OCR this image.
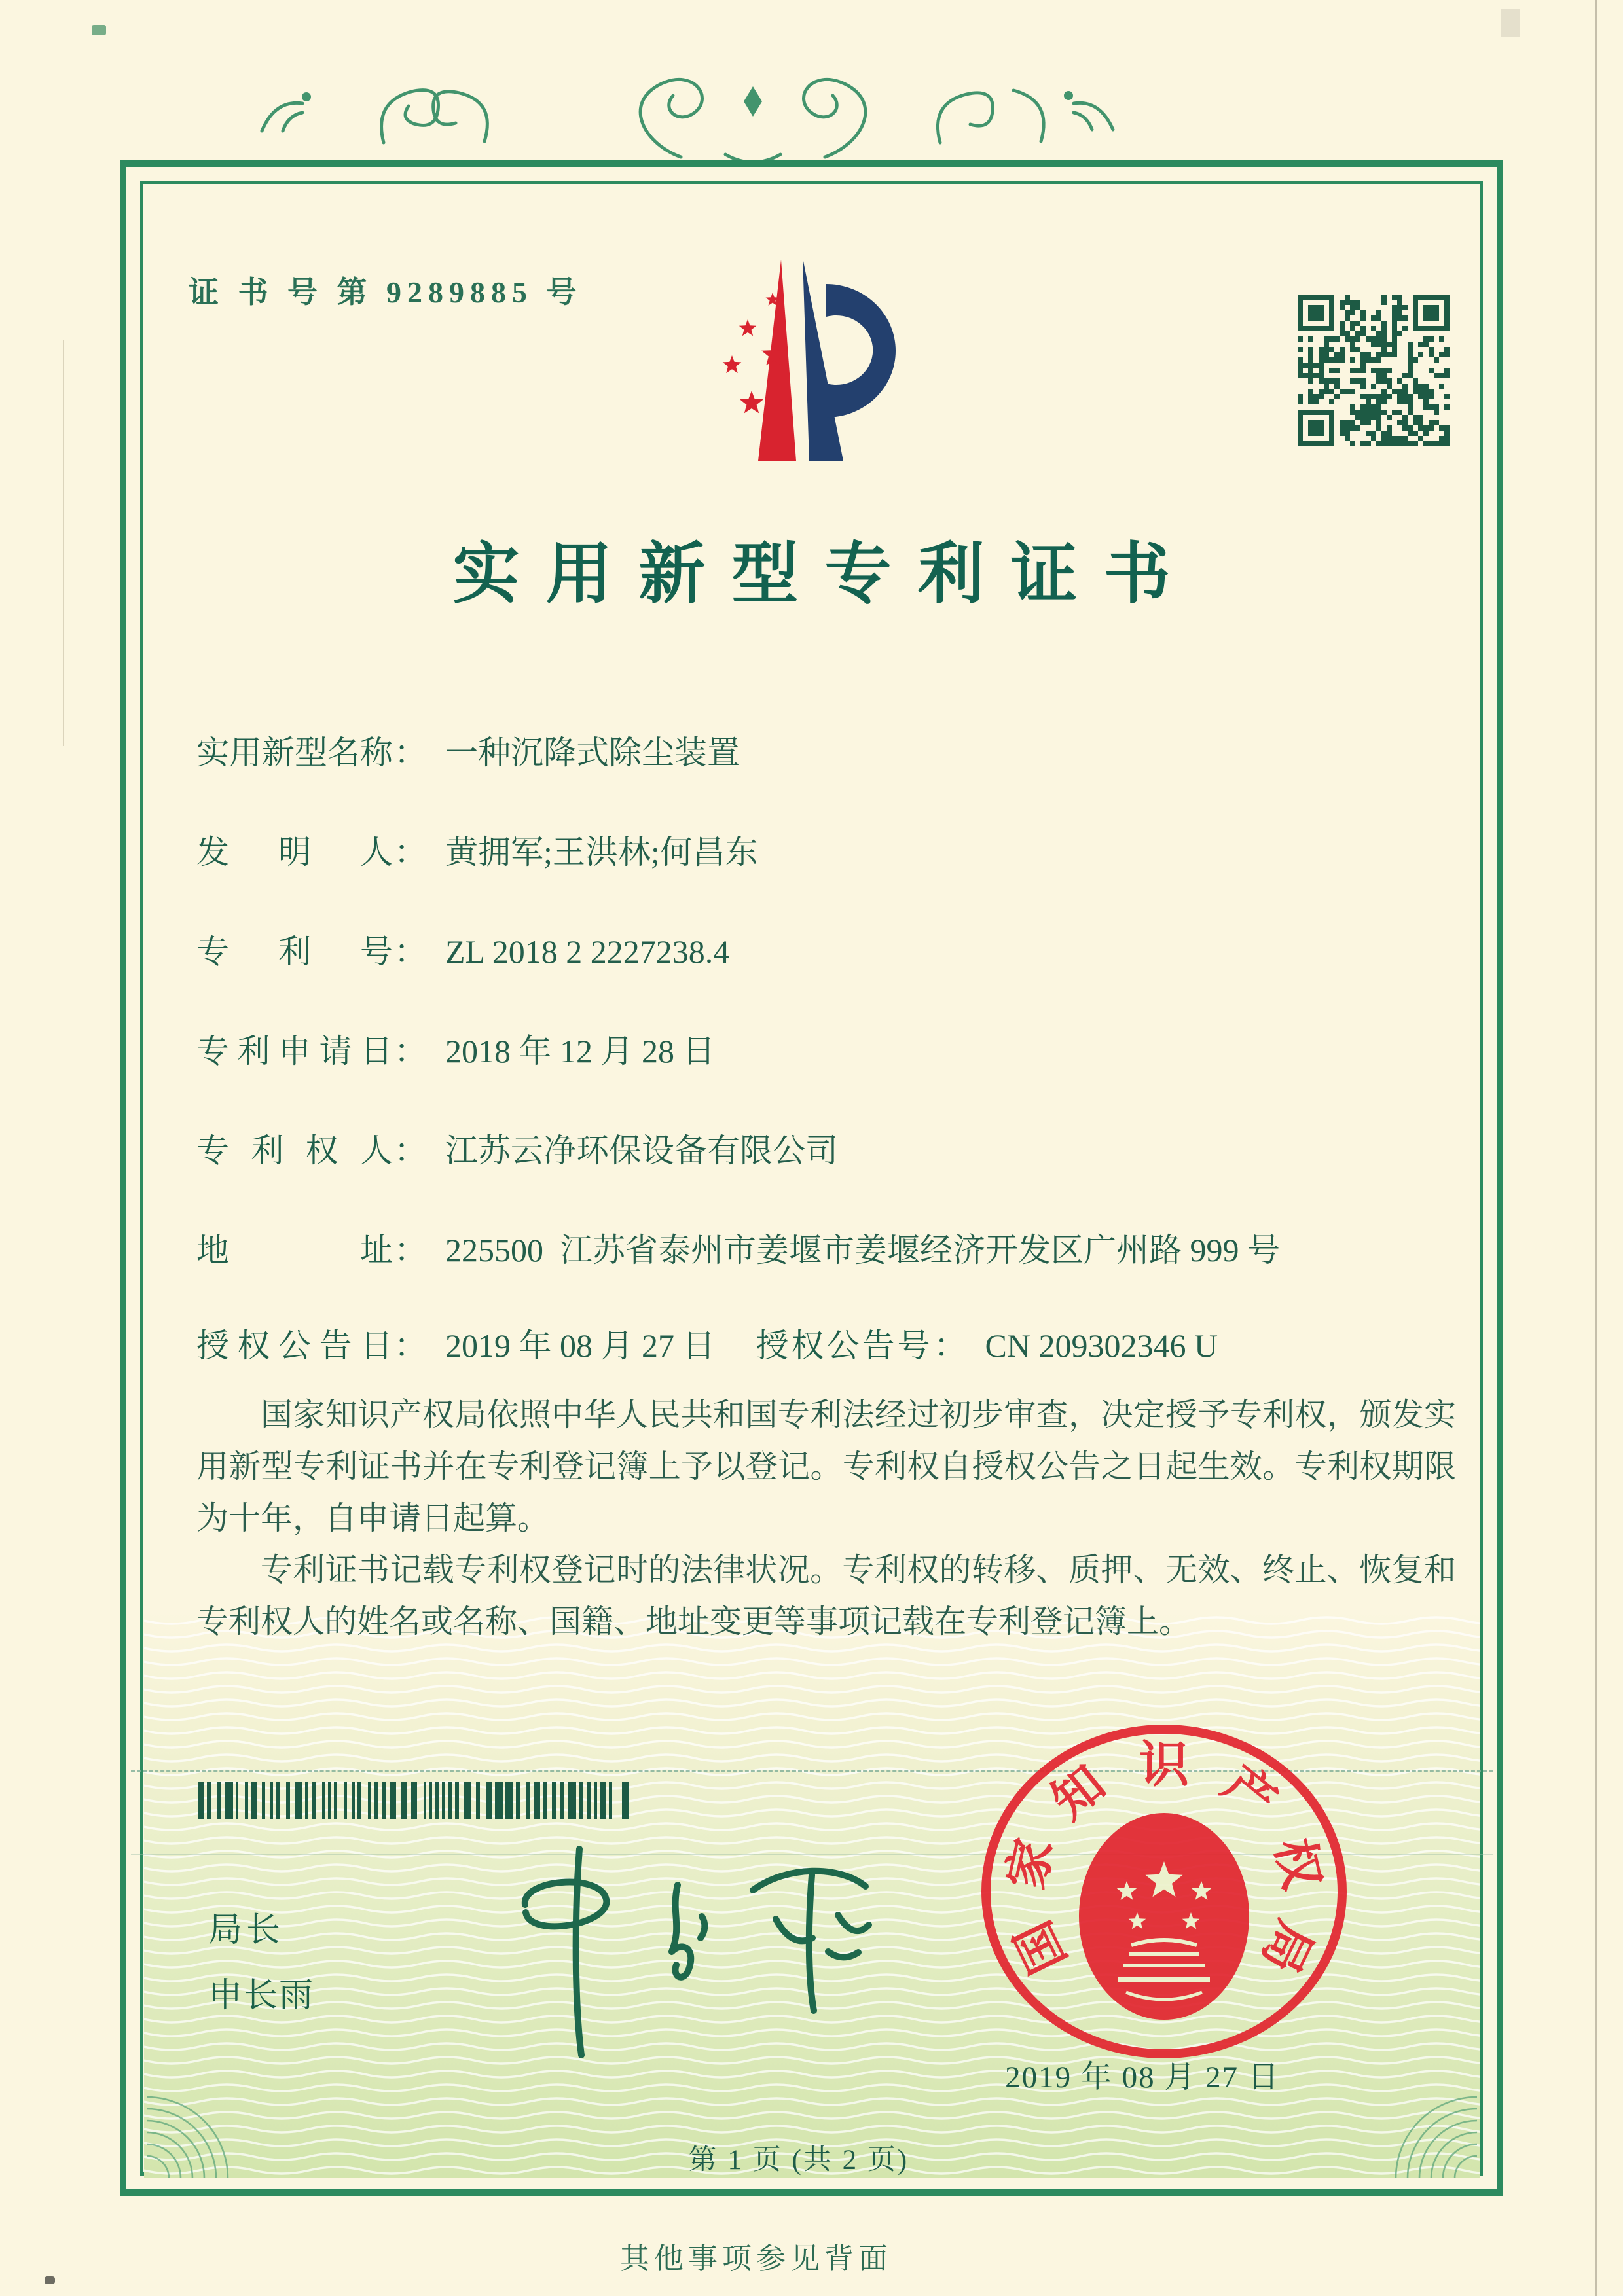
证 书 号 第 9289885 号
实用新型专利证书
实用新型名称： 一种沉降式除尘装置
发明人： 黄拥军;王洪林;何昌东
专利号： ZL 2018 2 2227238.4
专利申请日： 2018 年 12 月 28 日
专利权人： 江苏云净环保设备有限公司
地址： 225500  江苏省泰州市姜堰市姜堰经济开发区广州路 999 号
授权公告日： 2019 年 08 月 27 日 授权公告号： CN 209302346 U

国家知识产权局依照中华人民共和国专利法经过初步审查，决定授予专利权，颁发实用新型专利证书并在专利登记簿上予以登记。专利权自授权公告之日起生效。专利权期限为十年，自申请日起算。

专利证书记载专利权登记时的法律状况。专利权的转移、质押、无效、终止、恢复和专利权人的姓名或名称、国籍、地址变更等事项记载在专利登记簿上。

局长
申长雨
国
家
知 识 产
权
局
2019 年 08 月 27 日
第 1 页 (共 2 页)
其他事项参见背面
